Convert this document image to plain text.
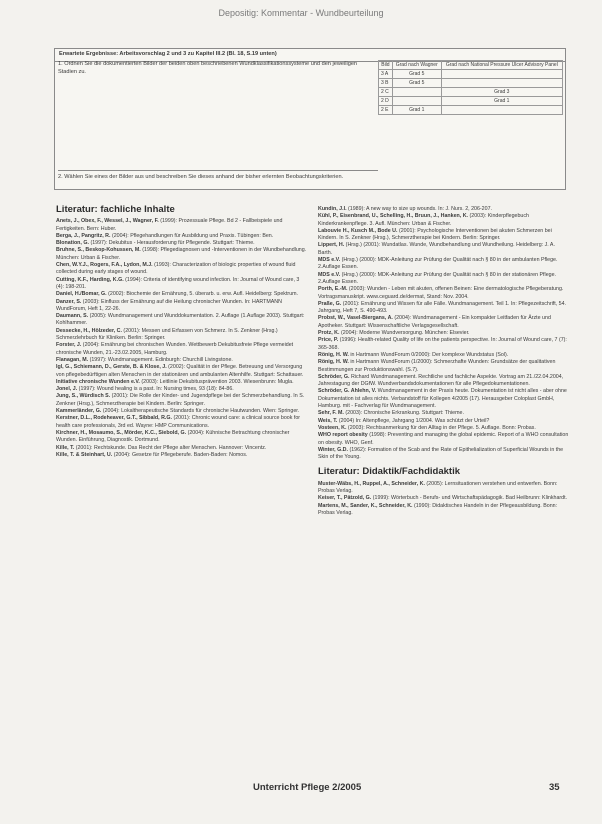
Depositig: Kommentar - Wundbeurteilung
Erwartete Ergebnisse: Arbeitsvorschlag 2 und 3 zu Kapitel III.2 (Bl. 18, S.19 unten)
1. Ordnen Sie die dokumentierten Bilder der beiden oben beschriebenen Wundklassifikationssysteme und den jeweiligen Stadien zu.
Bild	Grad nach Wagner	Grad nach National Pressure Ulcer Advisory Panel
3 A	Grad 5	
3 B	Grad 5	
2 C		Grad 3
2 D		Grad 1
2 E	Grad 1	
2. Wählen Sie eines der Bilder aus und beschreiben Sie dieses anhand der bisher erlernten Beobachtungskriterien.
Literatur: fachliche Inhalte

Anets, J., Obex, F., Wessel, J., Wagner, F. (1999): Prozessuale Pflege. Bd 2 - Fallbeispiele und Fertigkeiten. Bern: Huber.

Berga, J., Pangritz, R. (2004): Pflegehandlungen für Ausbildung und Praxis. Tübingen: Ben.

Blonation, G. (1997): Dekubitus - Herausforderung für Pflegende. Stuttgart: Thieme.

Bruhne, S., Beskop-Kohussen, M. (1998): Pflegediagnosen und -Interventionen in der Wundbehandlung. München: Urban & Fischer.

Chen, W.Y.J., Rogers, F.A., Lydon, M.J. (1993): Characterization of biologic properties of wound fluid collected during early stages of wound.

Cutting, K.F., Harding, K.G. (1994): Criteria of identifying wound infection. In: Journal of Wound care, 3 (4): 198-201.

Daniel, H./Bomar, G. (2002): Biochemie der Ernährung, 5. überarb. u. erw. Aufl. Heidelberg: Spektrum.

Danzer, S. (2003): Einfluss der Ernährung auf die Heilung chronischer Wunden. In: HARTMANN WundForum, Heft 1, 22-26.

Daumann, S. (2005): Wundmanagement und Wunddokumentation. 2. Auflage (1.Auflage 2003). Stuttgart: Kohlhammer.

Dessecke, H., Hölzeder, C. (2001): Messen und Erfassen von Schmerz. In S. Zenkner (Hrsg.) Schmerzlehrbuch für Kliniken. Berlin: Springer.

Forster, J. (2004): Ernährung bei chronischen Wunden. Wettbewerb Dekubitusfreie Pflege vermeidet chronische Wunden, 21.-23.02.2005, Hamburg.

Flanagan, M. (1997): Wundmanagement. Edinburgh: Churchill Livingstone.

Igl, G., Schiemann, D., Gerste, B. & Klose, J. (2002): Qualität in der Pflege. Betreuung und Versorgung von pflegebedürftigen alten Menschen in der stationären und ambulanten Altenhilfe. Stuttgart: Schattauer.

Initiative chronische Wunden e.V. (2003): Leitlinie Dekubitusprävention 2003. Wiesenbrunn: Mugla.

Jonel, J. (1997): Wound healing is a past. In: Nursing times, 93 (18): 84-86.

Jung, S., Würdisch S. (2001): Die Rolle der Kinder- und Jugendpflege bei der Schmerzbehandlung. In S. Zenkner (Hrsg.), Schmerztherapie bei Kindern. Berlin: Springer.

Kammerländer, G. (2004): Lokaltherapeutische Standards für chronische Hautwunden. Wien: Springer.

Kerstner, D.L., Rodeheaver, G.T., Sibbald, R.G. (2001): Chronic wound care: a clinical source book for health care professionals, 3rd ed. Wayne: HMP Communications.

Kirchner, H., Mosaumo, S., Mörder, K.C., Siebold, G. (2004): Kühnische Betrachtung chronischer Wunden. Einführung, Diagnostik. Dortmund.

Kille, T. (2001): Rechtskunde. Das Recht der Pflege alter Menschen. Hannover: Vincentz.

Kille, T. & Steinhart, U. (2004): Gesetze für Pflegeberufe. Baden-Baden: Nomos.

Kundin, J.I. (1989): A new way to size up wounds. In: J. Nurs. 2, 206-207.

Kühl, P., Eisenbrand, U., Schelling, H., Bruun, J., Hanken, K. (2003): Kinderpflegebuch Kinderkrankenpflege. 3. Aufl. München: Urban & Fischer.

Labouvie H., Kusch M., Bode U. (2001): Psychologische Interventionen bei akuten Schmerzen bei Kindern. In S. Zenkner (Hrsg.), Schmerztherapie bei Kindern. Berlin: Springer.

Lippert, H. (Hrsg.) (2001): Wundatlas. Wunde, Wundbehandlung und Wundheilung. Heidelberg: J. A. Barth.

MDS e.V. (Hrsg.) (2000): MDK-Anleitung zur Prüfung der Qualität nach § 80 in der ambulanten Pflege. 2.Auflage Essen.

MDS e.V. (Hrsg.) (2000): MDK-Anleitung zur Prüfung der Qualität nach § 80 in der stationären Pflege. 2.Auflage Essen.

Porth, E.-M. (2003): Wunden - Leben mit akuten, offenen Beinen: Eine dermatologische Pflegeberatung. Vortragsmanuskript. www.ceguard.de/dermat, Stand: Nov. 2004.

Praße, G. (2001): Ernährung und Wissen für alle Fälle. Wundmanagement. Teil 1. In: Pflegezeitschrift, 54. Jahrgang, Heft 7, S. 490-493.

Probst, W., Vasel-Biergans, A. (2004): Wundmanagement - Ein kompakter Leitfaden für Ärzte und Apotheker. Stuttgart: Wissenschaftliche Verlagsgesellschaft.

Protz, K. (2004): Moderne Wundversorgung. München: Elsevier.

Price, P. (1996): Health-related Quality of life on the patients perspective. In: Journal of Wound care, 7 (7): 365-368.

Rönig, H. W. in Hartmann WundForum 0/2000): Der komplexe Wundstatus (Sol).

Rönig, H. W. in Hartmann WundForum (1/2000): Schmerzhafte Wunden: Grundsätze der qualitativen Bestimmungen zur Produktionswahl. (S.7).

Schröder, G. Richard Wundmanagement. Rechtliche und fachliche Aspekte. Vortrag am 21./22.04.2004, Jahrestagung der DGfW. Wundverbandsdokumentationen für alle Pflegedokumentationen.

Schröder, G. Ahlehn, V. Wundmanagement in der Praxis heute. Dokumentation ist nicht alles - aber ohne Dokumentation ist alles nichts. Verbandstoff für Kollegen 4/2005 (17). Herausgeber Coloplast GmbH, Hamburg. mit - Fachverlag für Wundmanagement.

Sehr, F. M. (2003): Chronische Erkrankung. Stuttgart: Thieme.

Weis, T. (2004) In: Altenpflege, Jahrgang 1/2004. Was schützt der Urteil?

Vosteen, K. (2003): Rechtsanmerkung für den Alltag in der Pflege. 5. Auflage. Bonn: Probas.

WHO report obesity (1998): Preventing and managing the global epidemic. Report of a WHO consultation on obesity. WHO, Genf.

Winter, G.D. (1962): Formation of the Scab and the Rate of Epithelialization of Superficial Wounds in the Skin of the Young.

Literatur: Didaktik/Fachdidaktik

Muster-Wäbs, H., Ruppel, A., Schneider, K. (2005): Lernsituationen verstehen und entwerfen. Bonn: Probas Verlag.

Keiser, T., Pätzold, G. (1999): Wörterbuch - Berufs- und Wirtschaftspädagogik. Bad Heilbrunn: Klinkhardt.

Martens, M., Sander, K., Schneider, K. (1990): Didaktisches Handeln in der Pflegeausbildung. Bonn: Probas Verlag.

Unterricht Pflege 2/2005	35
